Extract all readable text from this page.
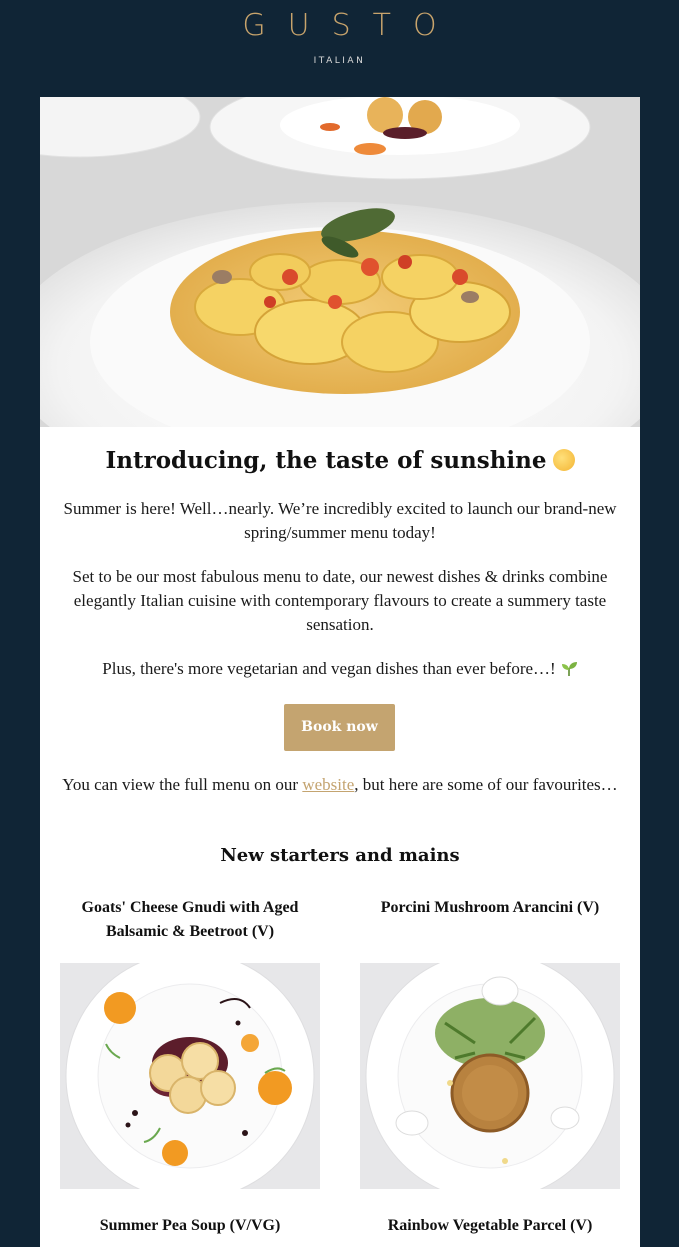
GUSTO
ITALIAN
Introducing, the taste of sunshine
Summer is here! Well…nearly. We’re incredibly excited to launch our brand-new spring/summer menu today!
Set to be our most fabulous menu to date, our newest dishes & drinks combine elegantly Italian cuisine with contemporary flavours to create a summery taste sensation.
Plus, there's more vegetarian and vegan dishes than ever before…!
Book now
You can view the full menu on our website, but here are some of our favourites…
New starters and mains
Goats' Cheese Gnudi with Aged Balsamic & Beetroot (V)
Porcini Mushroom Arancini (V)
Summer Pea Soup (V/VG)	Rainbow Vegetable Parcel (V)
